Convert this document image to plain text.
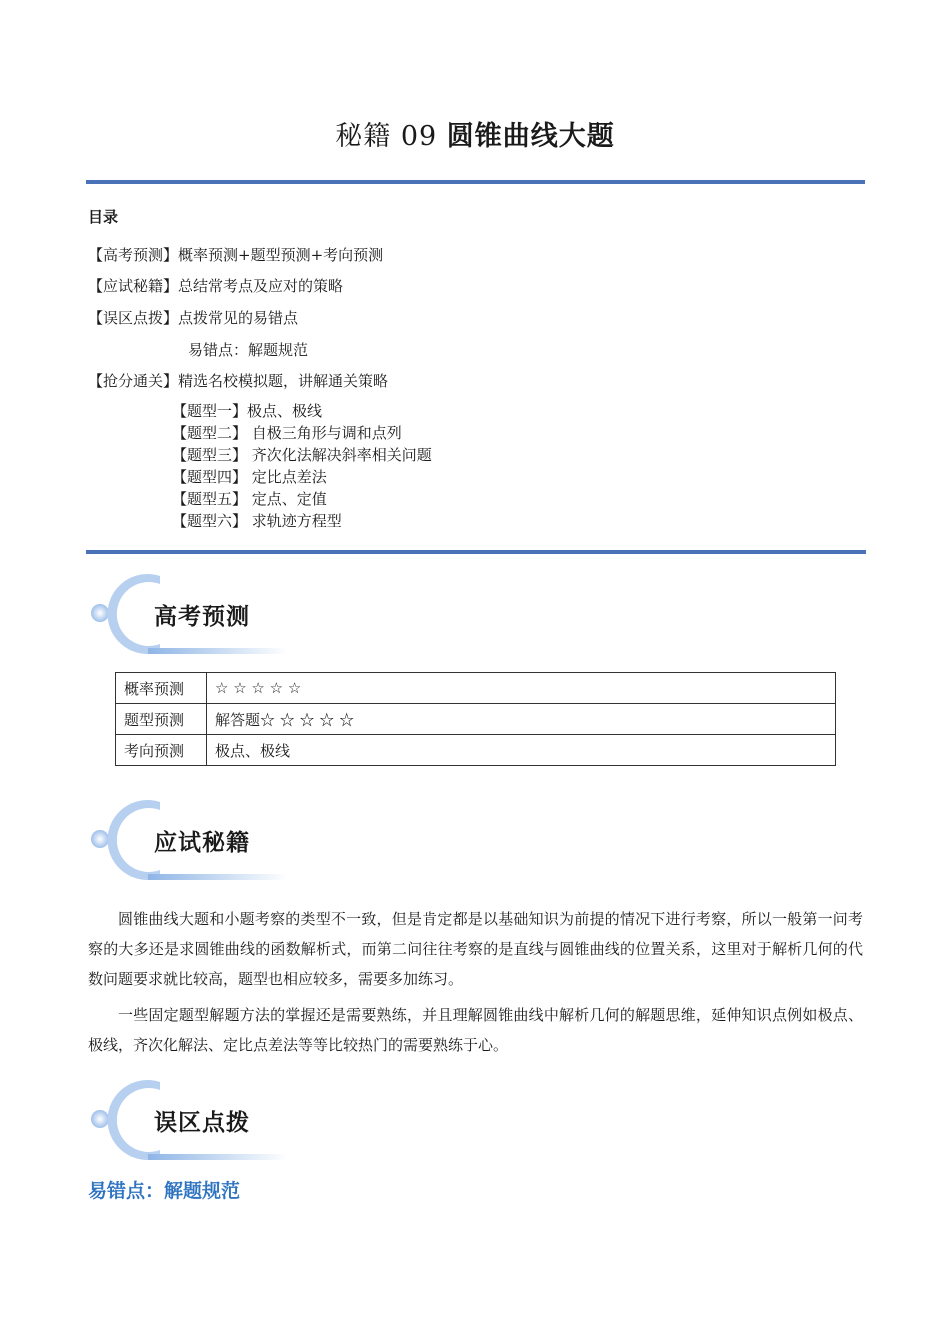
秘籍 09 圆锥曲线大题
目录
【高考预测】概率预测+题型预测+考向预测
【应试秘籍】总结常考点及应对的策略
【误区点拨】点拨常见的易错点
易错点：解题规范
【抢分通关】精选名校模拟题，讲解通关策略
【题型一】极点、极线
【题型二】 自极三角形与调和点列
【题型三】 齐次化法解决斜率相关问题
【题型四】 定比点差法
【题型五】 定点、定值
【题型六】 求轨迹方程型
高考预测
概率预测	☆ ☆ ☆ ☆ ☆
题型预测	解答题☆ ☆ ☆ ☆ ☆
考向预测	极点、极线
应试秘籍
圆锥曲线大题和小题考察的类型不一致，但是肯定都是以基础知识为前提的情况下进行考察，所以一般第一问考察的大多还是求圆锥曲线的函数解析式，而第二问往往考察的是直线与圆锥曲线的位置关系，这里对于解析几何的代数问题要求就比较高，题型也相应较多，需要多加练习。
一些固定题型解题方法的掌握还是需要熟练，并且理解圆锥曲线中解析几何的解题思维，延伸知识点例如极点、极线，齐次化解法、定比点差法等等比较热门的需要熟练于心。
误区点拨
易错点：解题规范
